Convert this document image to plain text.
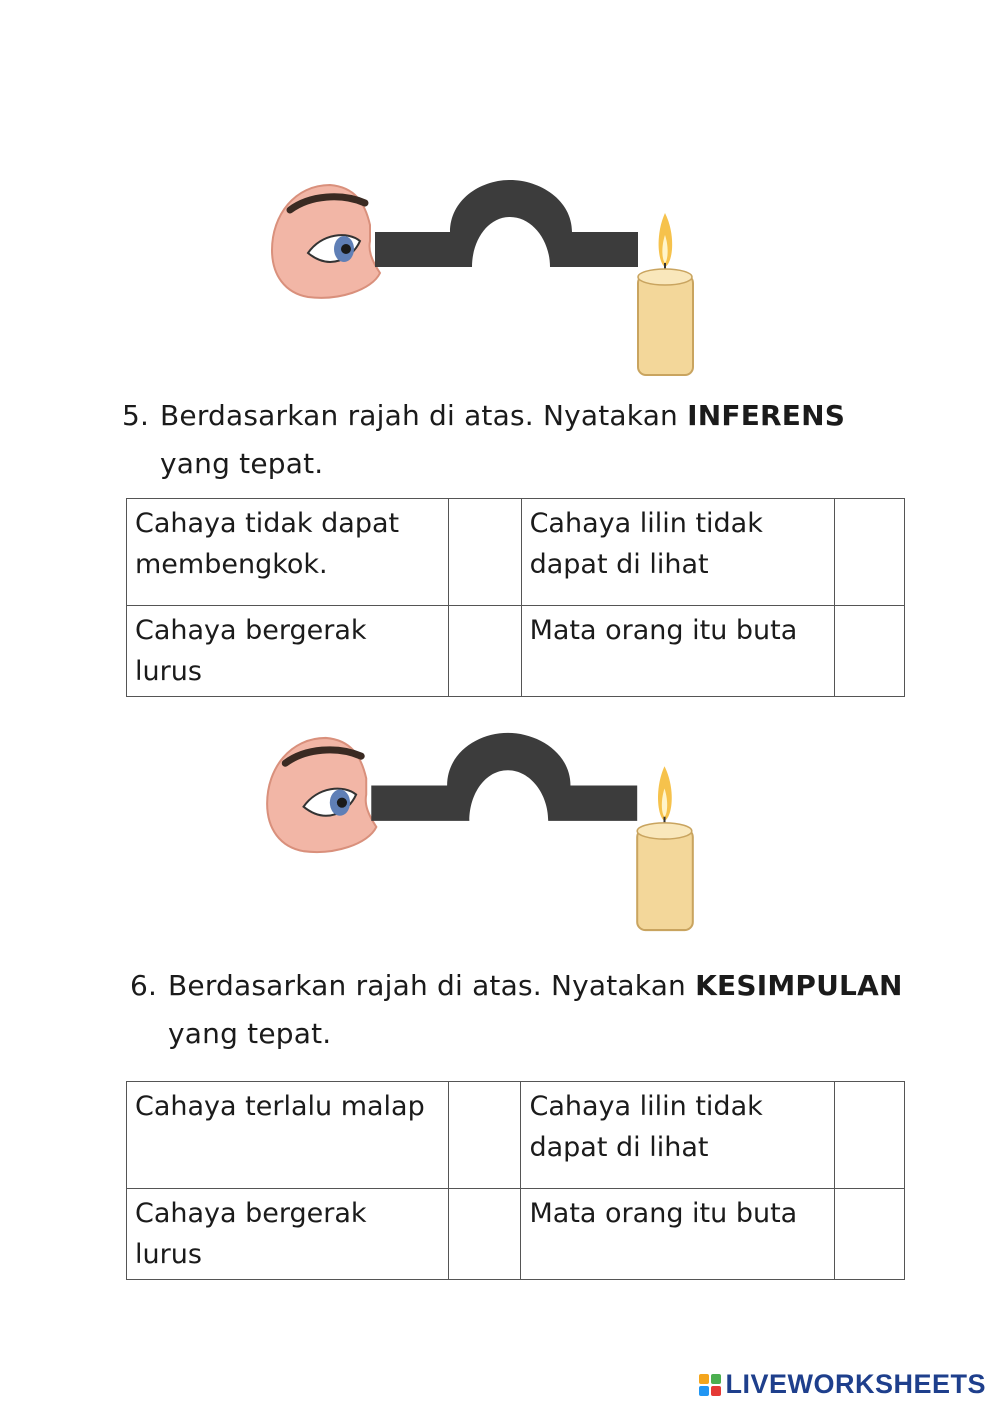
5. Berdasarkan rajah di atas. Nyatakan INFERENS
yang tepat.
Cahaya tidak dapat membengkok.		Cahaya lilin tidak dapat di lihat	
Cahaya bergerak lurus		Mata orang itu buta	
6. Berdasarkan rajah di atas. Nyatakan KESIMPULAN
yang tepat.
Cahaya terlalu malap		Cahaya lilin tidak dapat di lihat	
Cahaya bergerak lurus		Mata orang itu buta	
LIVEWORKSHEETS
